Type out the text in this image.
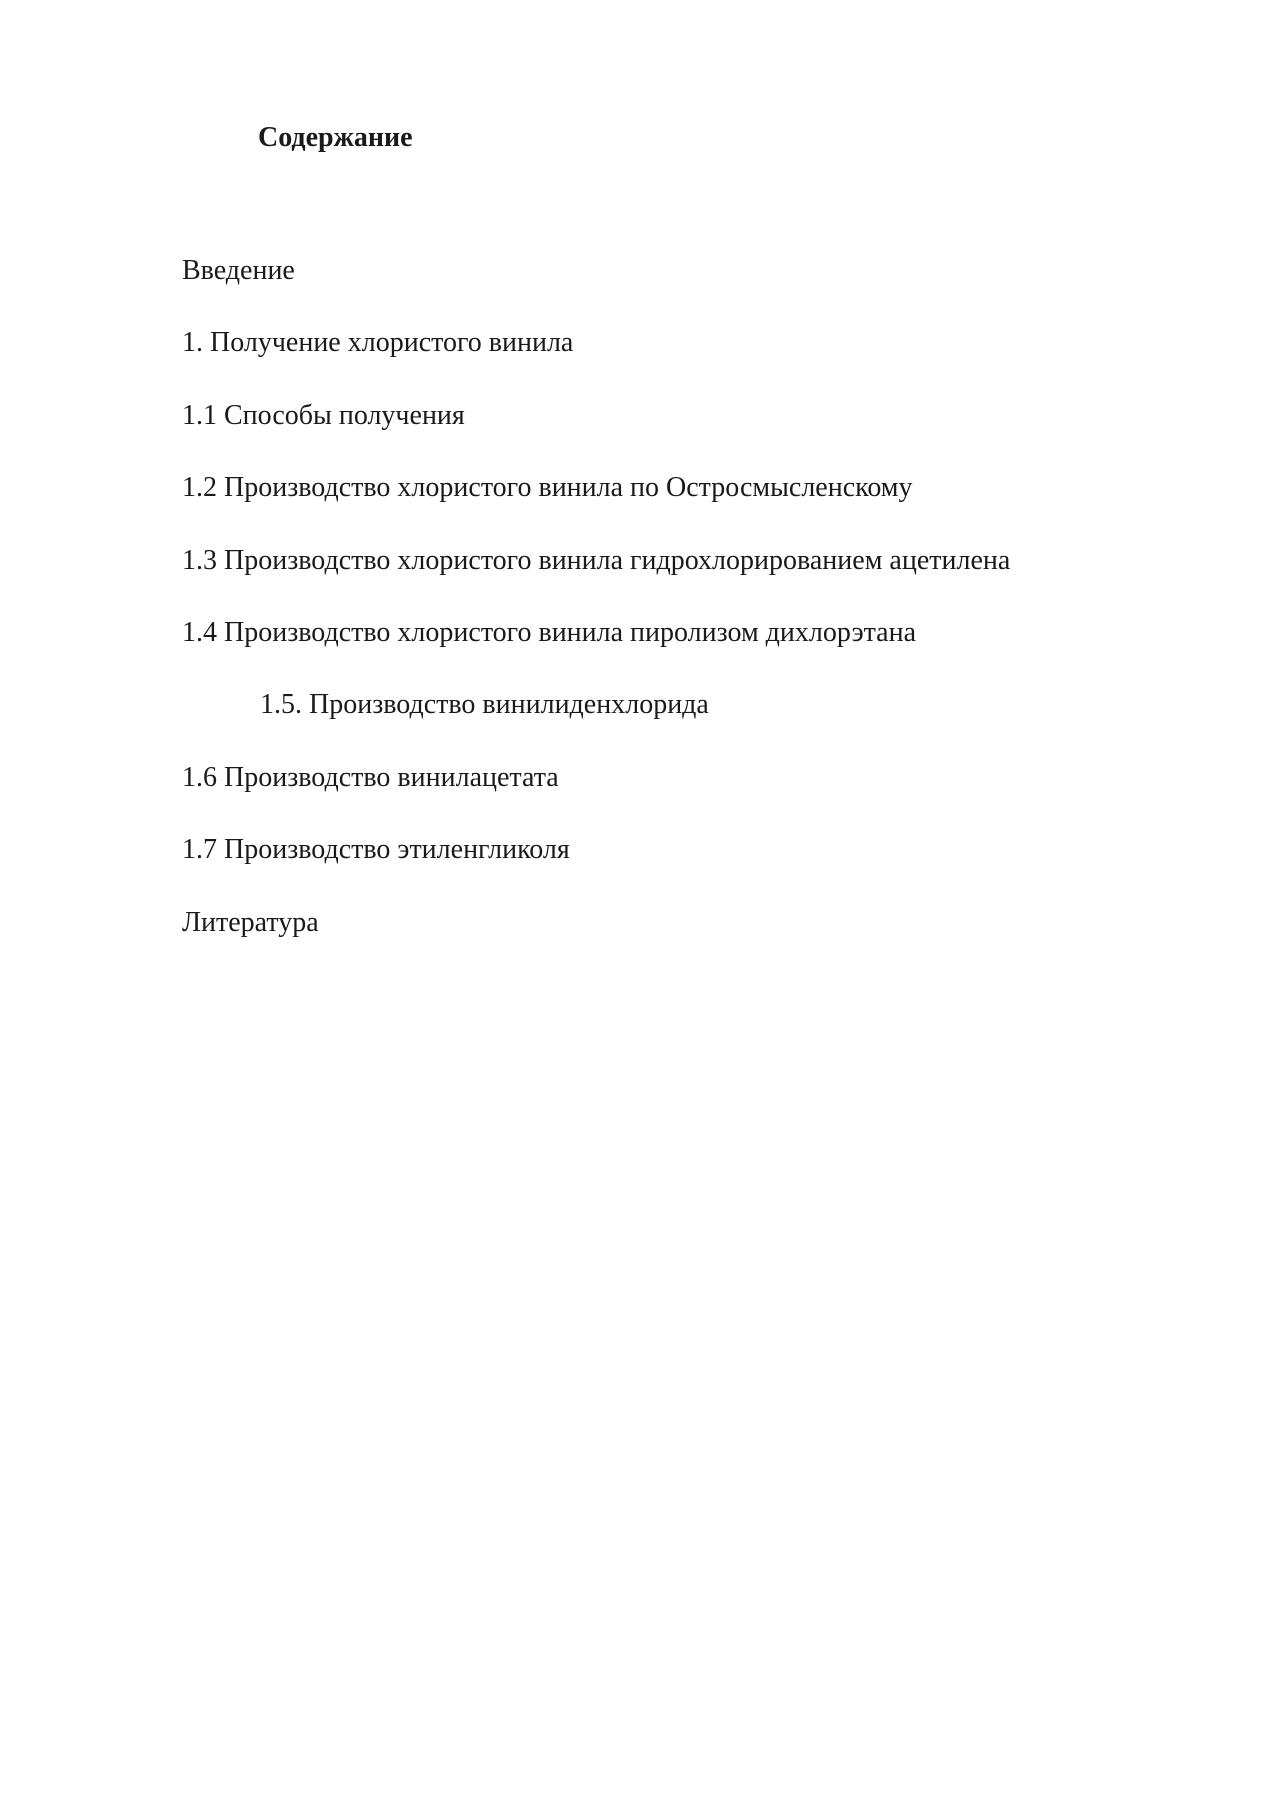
Содержание
Введение
1. Получение хлористого винила
1.1 Способы получения
1.2 Производство хлористого винила по Остросмысленскому
1.3 Производство хлористого винила гидрохлорированием ацетилена
1.4 Производство хлористого винила пиролизом дихлорэтана
1.5. Производство винилиденхлорида
1.6 Производство винилацетата
1.7 Производство этиленгликоля
Литература
